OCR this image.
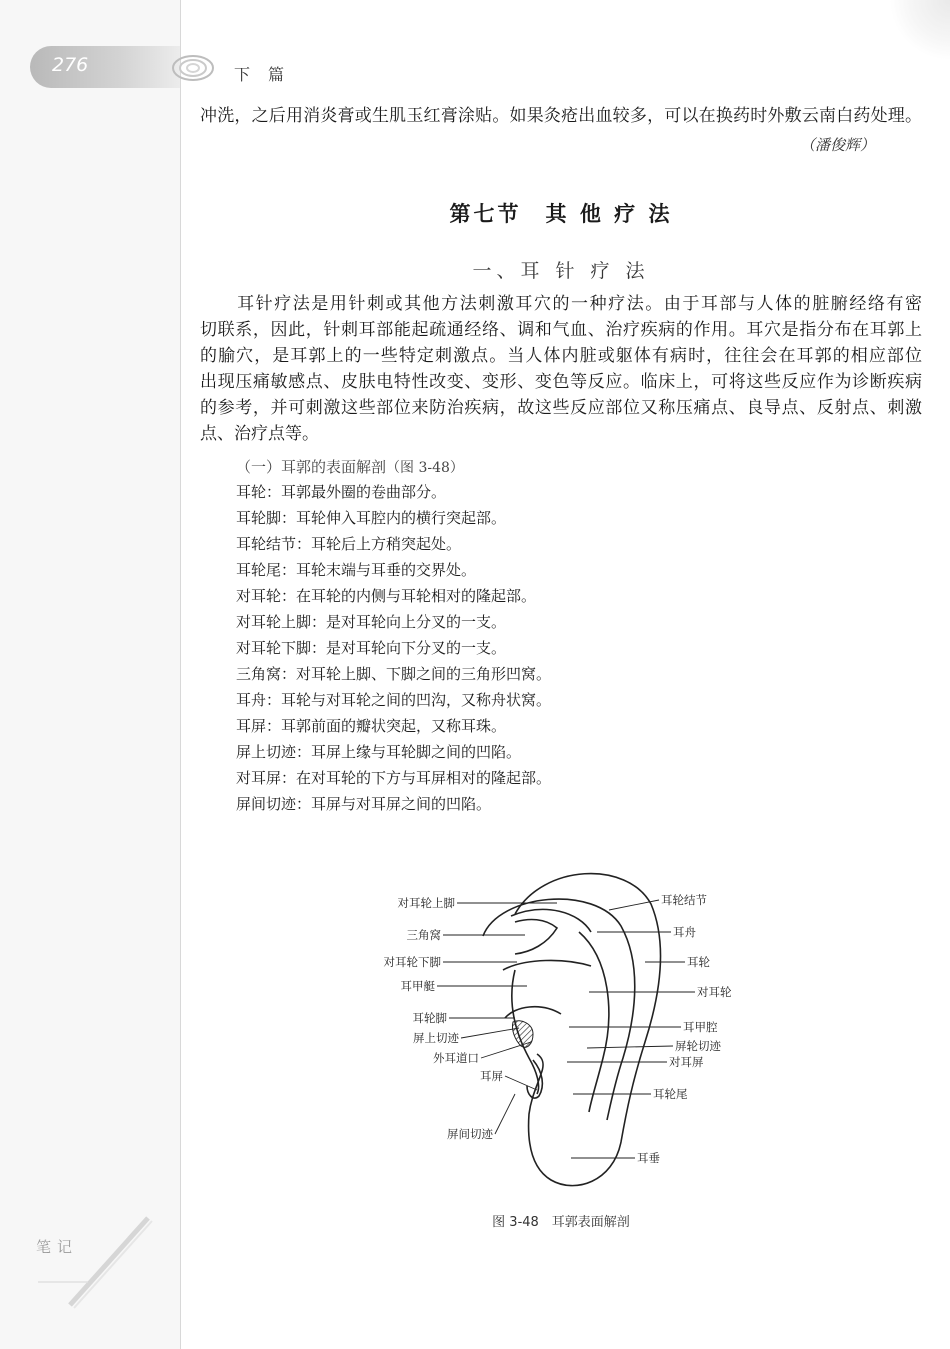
276	下篇
冲洗，之后用消炎膏或生肌玉红膏涂贴。如果灸疮出血较多，可以在换药时外敷云南白药处理。
（潘俊辉）
第七节　其 他 疗 法
一、耳 针 疗 法
　　耳针疗法是用针刺或其他方法刺激耳穴的一种疗法。由于耳部与人体的脏腑经络有密
切联系，因此，针刺耳部能起疏通经络、调和气血、治疗疾病的作用。耳穴是指分布在耳郭上
的腧穴，是耳郭上的一些特定刺激点。当人体内脏或躯体有病时，往往会在耳郭的相应部位
出现压痛敏感点、皮肤电特性改变、变形、变色等反应。临床上，可将这些反应作为诊断疾病
的参考，并可刺激这些部位来防治疾病，故这些反应部位又称压痛点、良导点、反射点、刺激
点、治疗点等。
（一）耳郭的表面解剖（图 3-48）
耳轮：耳郭最外圈的卷曲部分。
耳轮脚：耳轮伸入耳腔内的横行突起部。
耳轮结节：耳轮后上方稍突起处。
耳轮尾：耳轮末端与耳垂的交界处。
对耳轮：在耳轮的内侧与耳轮相对的隆起部。
对耳轮上脚：是对耳轮向上分叉的一支。
对耳轮下脚：是对耳轮向下分叉的一支。
三角窝：对耳轮上脚、下脚之间的三角形凹窝。
耳舟：耳轮与对耳轮之间的凹沟，又称舟状窝。
耳屏：耳郭前面的瓣状突起，又称耳珠。
屏上切迹：耳屏上缘与耳轮脚之间的凹陷。
对耳屏：在对耳轮的下方与耳屏相对的隆起部。
屏间切迹：耳屏与对耳屏之间的凹陷。
对耳轮上脚
三角窝
对耳轮下脚
耳甲艇
耳轮脚
屏上切迹
外耳道口
耳屏
屏间切迹
耳轮结节
耳舟
耳轮
对耳轮
耳甲腔
屏轮切迹
对耳屏
耳轮尾
耳垂
图 3-48　耳郭表面解剖
笔记
